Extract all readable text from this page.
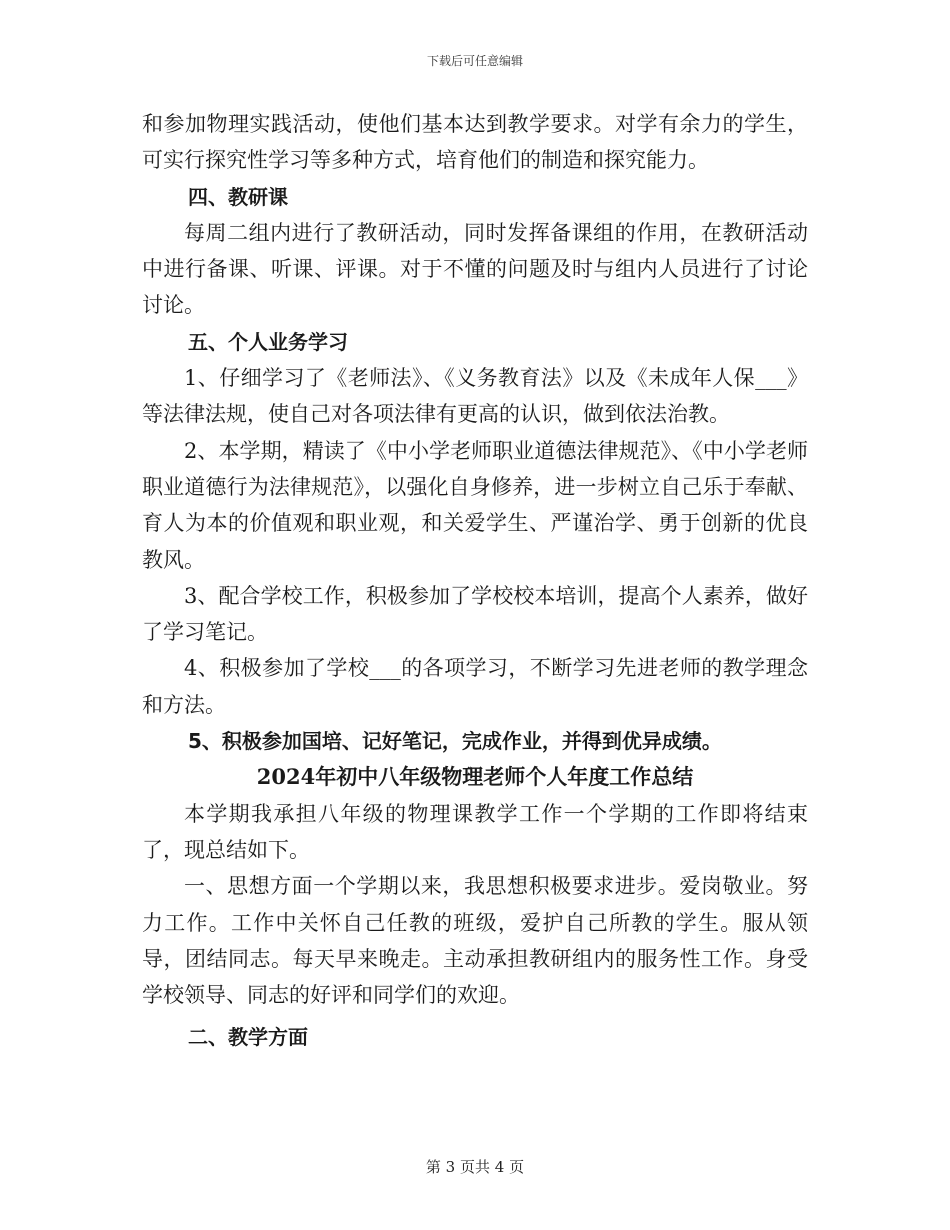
下载后可任意编辑

和参加物理实践活动，使他们基本达到教学要求。对学有余力的学生，可实行探究性学习等多种方式，培育他们的制造和探究能力。

四、教研课

每周二组内进行了教研活动，同时发挥备课组的作用，在教研活动中进行备课、听课、评课。对于不懂的问题及时与组内人员进行了讨论讨论。

五、个人业务学习

1、仔细学习了《老师法》、《义务教育法》以及《未成年人保___》等法律法规，使自己对各项法律有更高的认识，做到依法治教。

2、本学期，精读了《中小学老师职业道德法律规范》、《中小学老师职业道德行为法律规范》，以强化自身修养，进一步树立自己乐于奉献、育人为本的价值观和职业观，和关爱学生、严谨治学、勇于创新的优良教风。

3、配合学校工作，积极参加了学校校本培训，提高个人素养，做好了学习笔记。

4、积极参加了学校___的各项学习，不断学习先进老师的教学理念和方法。

5、积极参加国培、记好笔记，完成作业，并得到优异成绩。

2024年初中八年级物理老师个人年度工作总结

本学期我承担八年级的物理课教学工作一个学期的工作即将结束了，现总结如下。

一、思想方面一个学期以来，我思想积极要求进步。爱岗敬业。努力工作。工作中关怀自己任教的班级，爱护自己所教的学生。服从领导，团结同志。每天早来晚走。主动承担教研组内的服务性工作。身受学校领导、同志的好评和同学们的欢迎。

二、教学方面

第 3 页共 4 页
